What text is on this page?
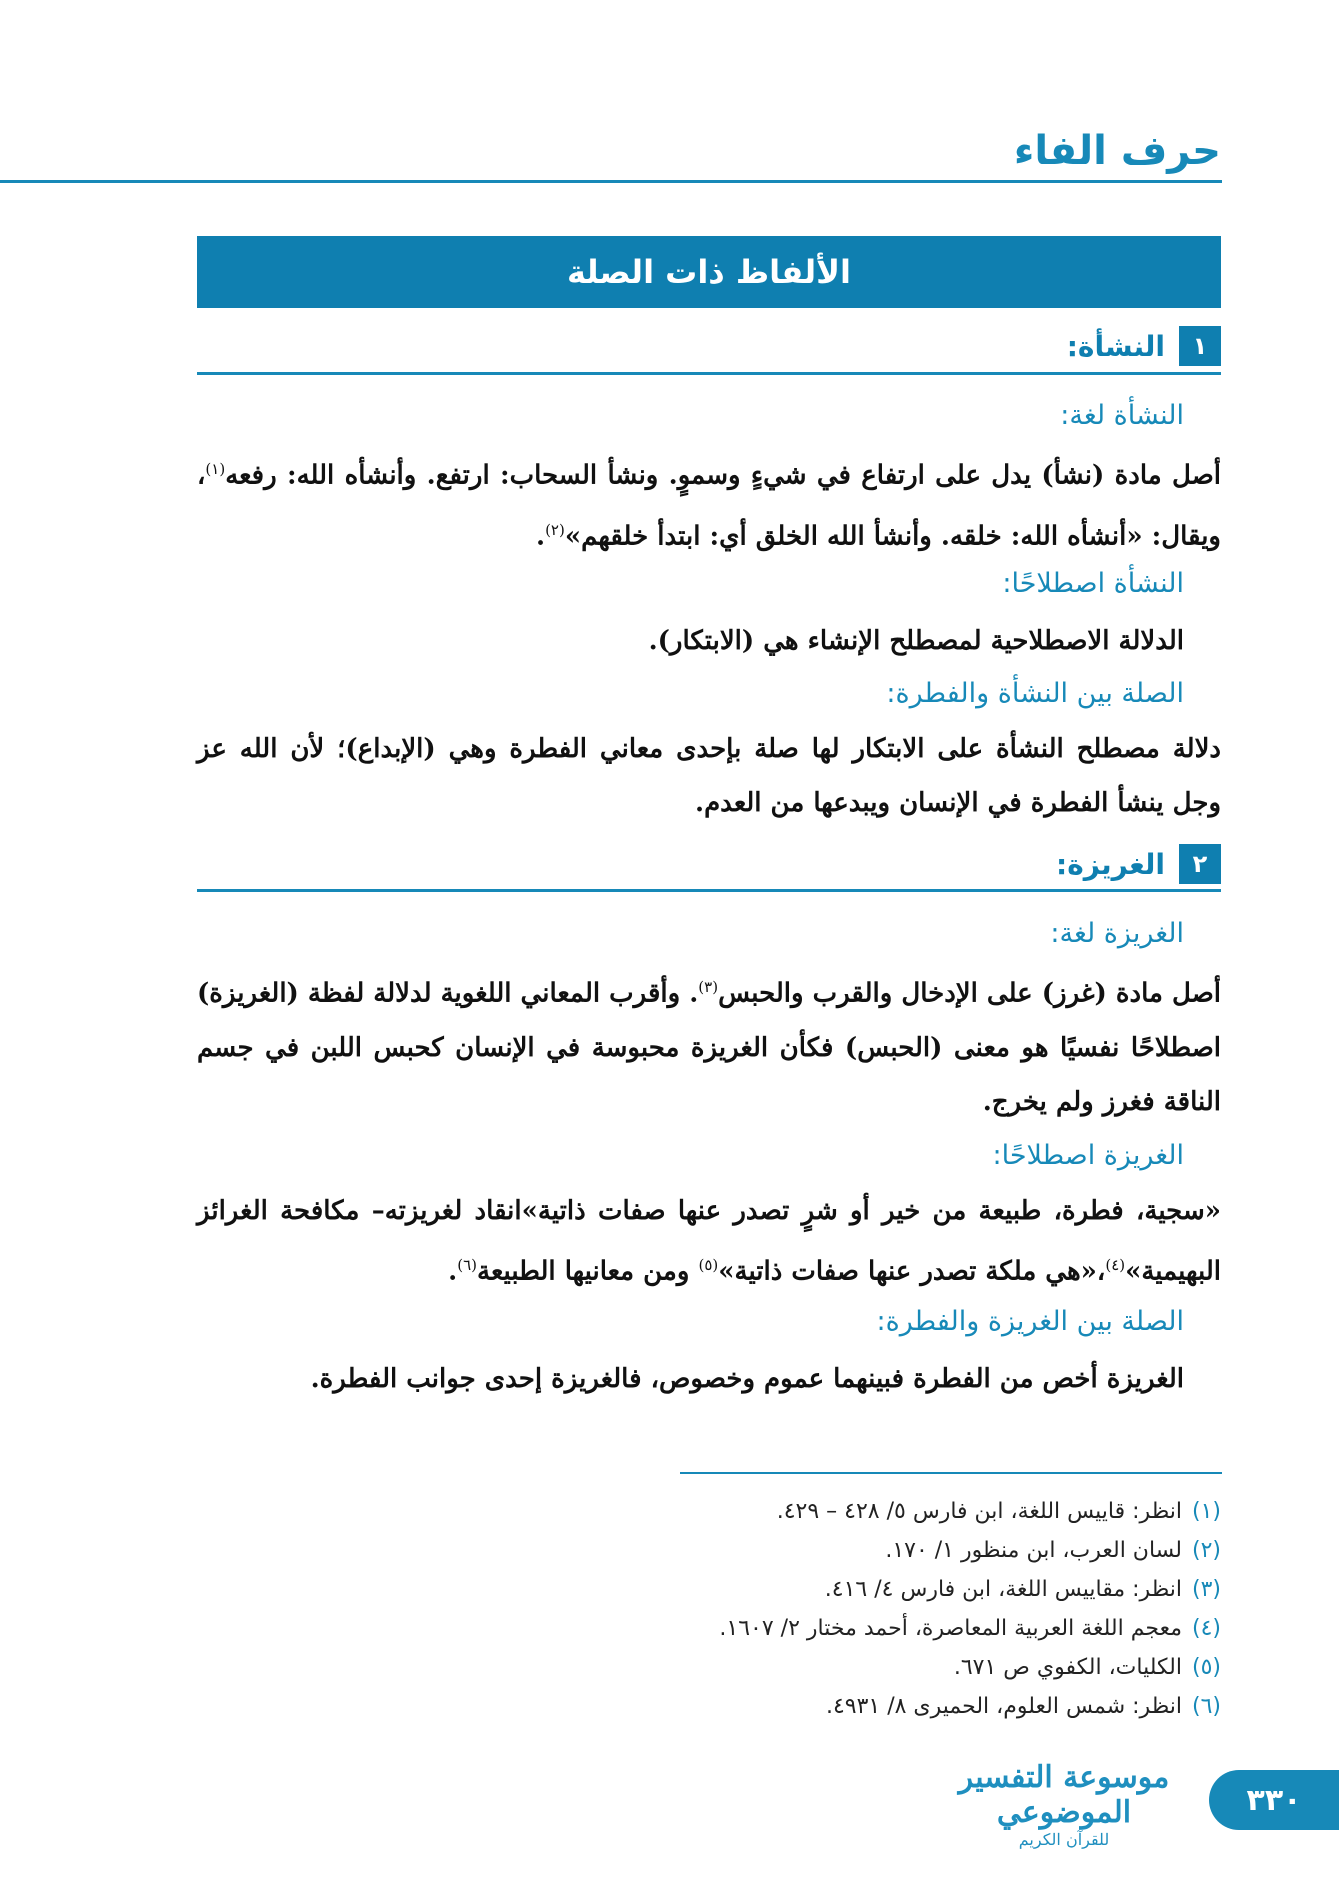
حرف الفاء
الألفاظ ذات الصلة
١
النشأة:
النشأة لغة:
أصل مادة (نشأ) يدل على ارتفاع في شيءٍ وسموٍ. ونشأ السحاب: ارتفع. وأنشأه الله: رفعه$^{(١)}$، ويقال: «أنشأه الله: خلقه. وأنشأ الله الخلق أي: ابتدأ خلقهم»$^{(٢)}$.
النشأة اصطلاحًا:
الدلالة الاصطلاحية لمصطلح الإنشاء هي (الابتكار).
الصلة بين النشأة والفطرة:
دلالة مصطلح النشأة على الابتكار لها صلة بإحدى معاني الفطرة وهي (الإبداع)؛ لأن الله عز وجل ينشأ الفطرة في الإنسان ويبدعها من العدم.
٢
الغريزة:
الغريزة لغة:
أصل مادة (غرز) على الإدخال والقرب والحبس$^{(٣)}$. وأقرب المعاني اللغوية لدلالة لفظة (الغريزة) اصطلاحًا نفسيًا هو معنى (الحبس) فكأن الغريزة محبوسة في الإنسان كحبس اللبن في جسم الناقة فغرز ولم يخرج.
الغريزة اصطلاحًا:
«سجية، فطرة، طبيعة من خير أو شرٍ تصدر عنها صفات ذاتية»انقاد لغريزته– مكافحة الغرائز البهيمية»$^{(٤)}$،«هي ملكة تصدر عنها صفات ذاتية»$^{(٥)}$ ومن معانيها الطبيعة$^{(٦)}$.
الصلة بين الغريزة والفطرة:
الغريزة أخص من الفطرة فبينهما عموم وخصوص، فالغريزة إحدى جوانب الفطرة.
(١)انظر: قاييس اللغة، ابن فارس ٥/ ٤٢٨ – ٤٢٩.
(٢)لسان العرب، ابن منظور ١/ ١٧٠.
(٣)انظر: مقاييس اللغة، ابن فارس ٤/ ٤١٦.
(٤)معجم اللغة العربية المعاصرة، أحمد مختار ٢/ ١٦٠٧.
(٥)الكليات، الكفوي ص ٦٧١.
(٦)انظر: شمس العلوم، الحميرى ٨/ ٤٩٣١.
٣٣٠
موسوعة التفسير الموضوعي
للقرآن الكريم
